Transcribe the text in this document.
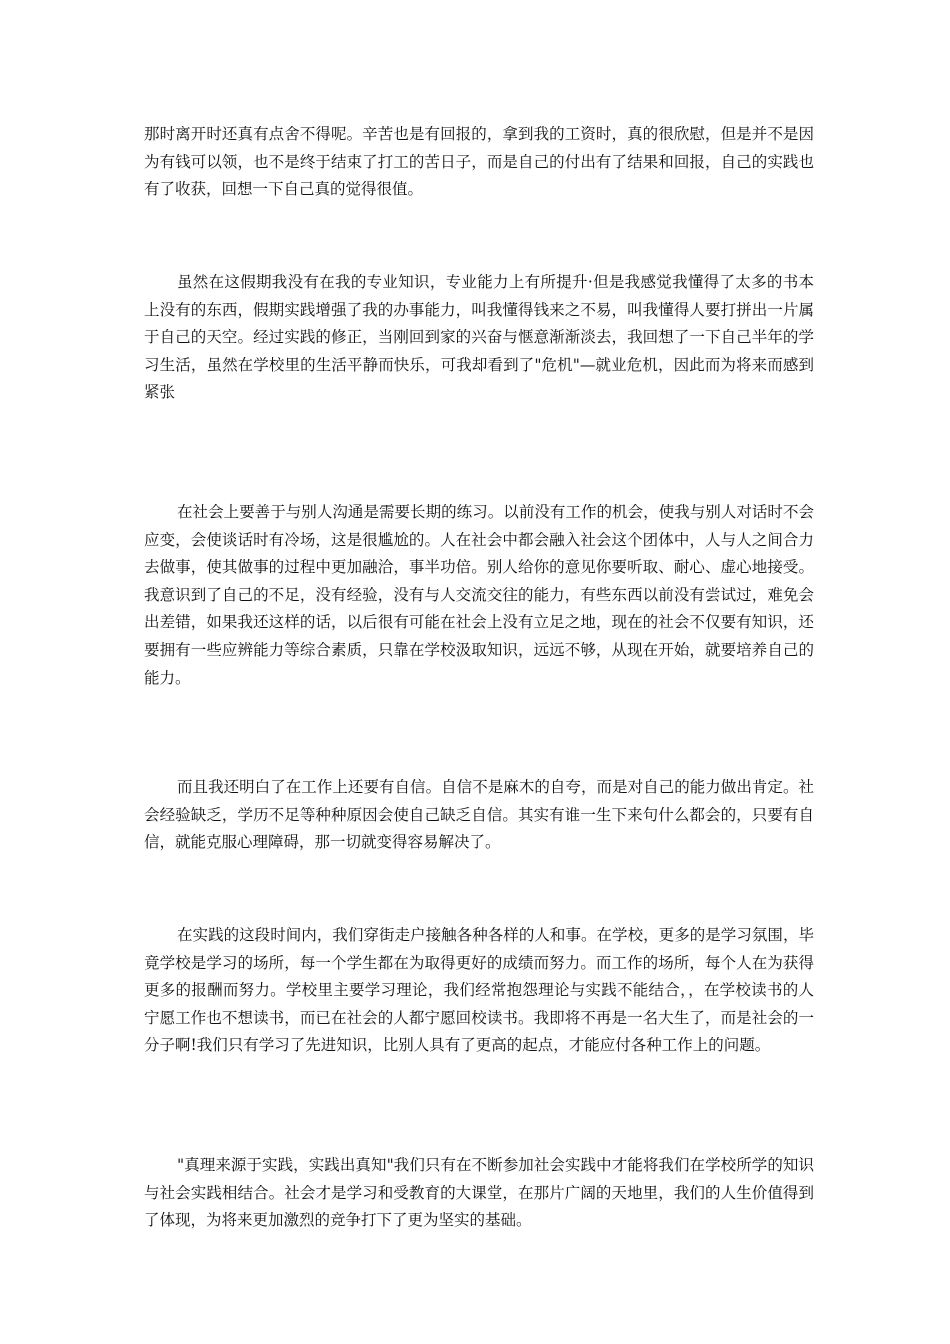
那时离开时还真有点舍不得呢。辛苦也是有回报的，拿到我的工资时，真的很欣慰，但是并不是因为有钱可以领，也不是终于结束了打工的苦日子，而是自己的付出有了结果和回报，自己的实践也有了收获，回想一下自己真的觉得很值。

虽然在这假期我没有在我的专业知识，专业能力上有所提升·但是我感觉我懂得了太多的书本上没有的东西，假期实践增强了我的办事能力，叫我懂得钱来之不易，叫我懂得人要打拼出一片属于自己的天空。经过实践的修正，当刚回到家的兴奋与惬意渐渐淡去，我回想了一下自己半年的学习生活，虽然在学校里的生活平静而快乐，可我却看到了"危机"—就业危机，因此而为将来而感到紧张

在社会上要善于与别人沟通是需要长期的练习。以前没有工作的机会，使我与别人对话时不会应变，会使谈话时有冷场，这是很尴尬的。人在社会中都会融入社会这个团体中，人与人之间合力去做事，使其做事的过程中更加融洽，事半功倍。别人给你的意见你要听取、耐心、虚心地接受。我意识到了自己的不足，没有经验，没有与人交流交往的能力，有些东西以前没有尝试过，难免会出差错，如果我还这样的话，以后很有可能在社会上没有立足之地，现在的社会不仅要有知识，还要拥有一些应辨能力等综合素质，只靠在学校汲取知识，远远不够，从现在开始，就要培养自己的能力。

而且我还明白了在工作上还要有自信。自信不是麻木的自夸，而是对自己的能力做出肯定。社会经验缺乏，学历不足等种种原因会使自己缺乏自信。其实有谁一生下来句什么都会的，只要有自信，就能克服心理障碍，那一切就变得容易解决了。

在实践的这段时间内，我们穿街走户接触各种各样的人和事。在学校，更多的是学习氛围，毕竟学校是学习的场所，每一个学生都在为取得更好的成绩而努力。而工作的场所，每个人在为获得更多的报酬而努力。学校里主要学习理论，我们经常抱怨理论与实践不能结合，，在学校读书的人宁愿工作也不想读书，而已在社会的人都宁愿回校读书。我即将不再是一名大生了，而是社会的一分子啊!我们只有学习了先进知识，比别人具有了更高的起点，才能应付各种工作上的问题。

"真理来源于实践，实践出真知"我们只有在不断参加社会实践中才能将我们在学校所学的知识与社会实践相结合。社会才是学习和受教育的大课堂，在那片广阔的天地里，我们的人生价值得到了体现，为将来更加激烈的竞争打下了更为坚实的基础。
